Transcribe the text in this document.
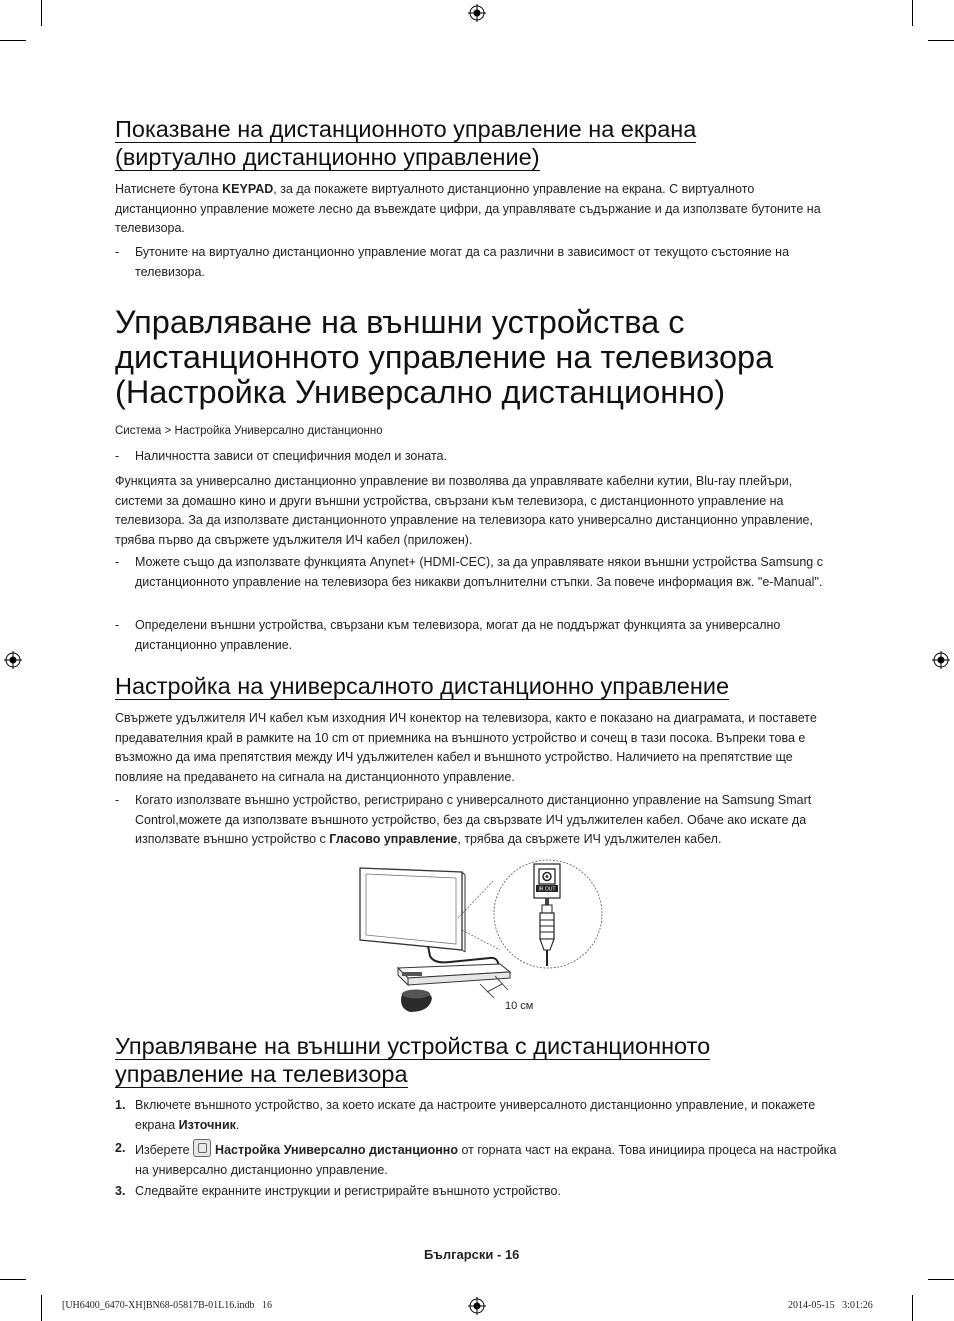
Показване на дистанционното управление на екрана
(виртуално дистанционно управление)

Натиснете бутона KEYPAD, за да покажете виртуалното дистанционно управление на екрана. С виртуалното дистанционно управление можете лесно да въвеждате цифри, да управлявате съдържание и да използвате бутоните на телевизора.

-	Бутоните на виртуално дистанционно управление могат да са различни в зависимост от текущото състояние на телевизора.
Управляване на външни устройства с
дистанционното управление на телевизора
(Настройка Универсално дистанционно)
Система > Настройка Универсално дистанционно
-	Наличността зависи от специфичния модел и зоната.

Функцията за универсално дистанционно управление ви позволява да управлявате кабелни кутии, Blu-ray плейъри, системи за домашно кино и други външни устройства, свързани към телевизора, с дистанционното управление на телевизора. За да използвате дистанционното управление на телевизора като универсално дистанционно управление, трябва първо да свържете удължителя ИЧ кабел (приложен).

-	Можете също да използвате функцията Anynet+ (HDMI-CEC), за да управлявате някои външни устройства Samsung с дистанционното управление на телевизора без никакви допълнителни стъпки. За повече информация вж. "e-Manual".
-	Определени външни устройства, свързани към телевизора, могат да не поддържат функцията за универсално дистанционно управление.
Настройка на универсалното дистанционно управление

Свържете удължителя ИЧ кабел към изходния ИЧ конектор на телевизора, както е показано на диаграмата, и поставете предавателния край в рамките на 10 cm от приемника на външното устройство и сочещ в тази посока. Въпреки това е възможно да има препятствия между ИЧ удължителен кабел и външното устройство. Наличието на препятствие ще повлияе на предаването на сигнала на дистанционното управление.

-	Когато използвате външно устройство, регистрирано с универсалното дистанционно управление на Samsung Smart Control,можете да използвате външното устройство, без да свързвате ИЧ удължителен кабел. Обаче ако искате да използвате външно устройство с Гласово управление, трябва да свържете ИЧ удължителен кабел.
IR OUT
10 см
Управляване на външни устройства с дистанционното
управление на телевизора
1. Включете външното устройство, за което искате да настроите универсалното дистанционно управление, и покажете екрана Източник.
2. Изберете Настройка Универсално дистанционно от горната част на екрана. Това инициира процеса на настройка на универсално дистанционно управление.
3. Следвайте екранните инструкции и регистрирайте външното устройство.
Български - 16
[UH6400_6470-XH]BN68-05817B-01L16.indb   16	2014-05-15   3:01:26
